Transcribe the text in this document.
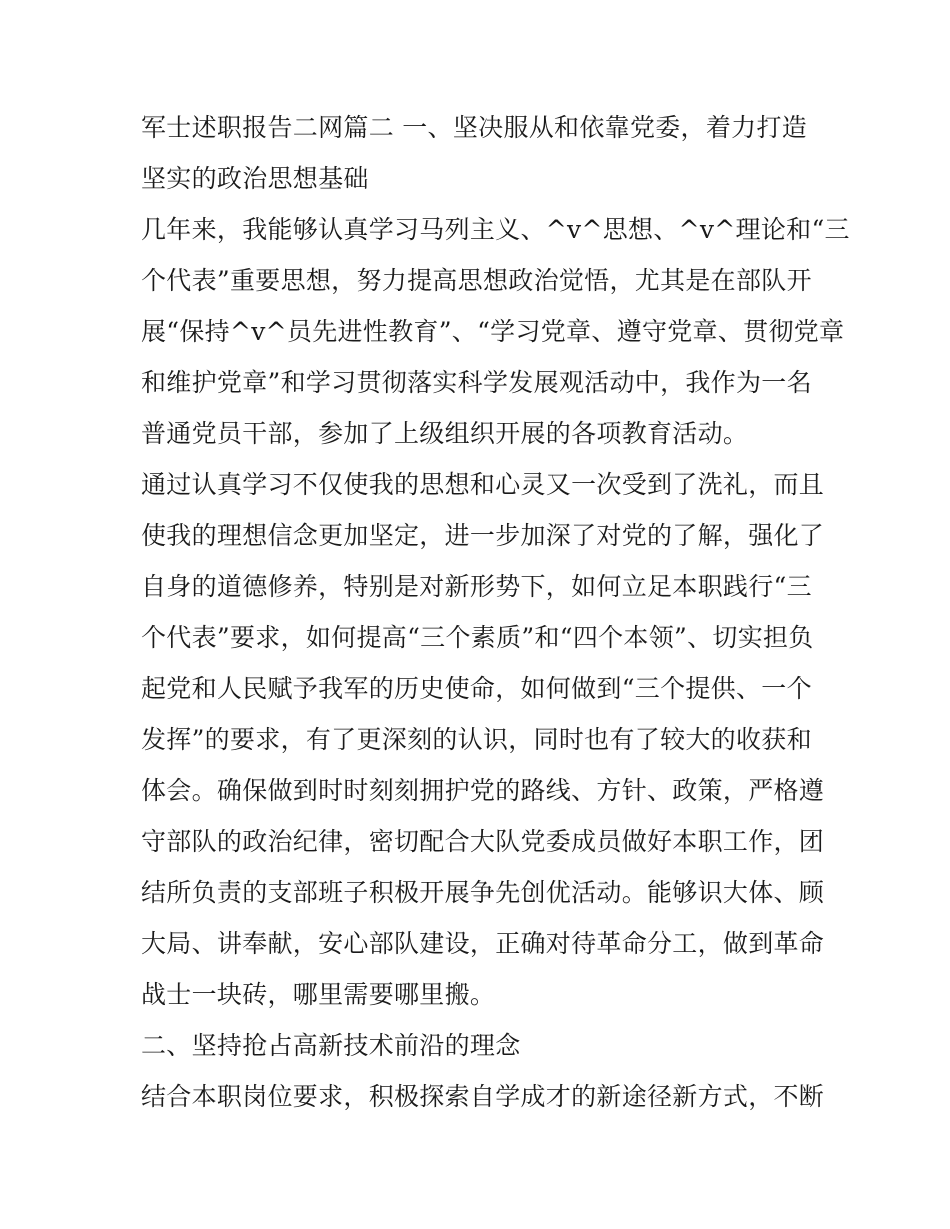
军士述职报告二网篇二 一、坚决服从和依靠党委，着力打造

坚实的政治思想基础

几年来，我能够认真学习马列主义、^v^思想、^v^理论和“三

个代表”重要思想，努力提高思想政治觉悟，尤其是在部队开

展“保持^v^员先进性教育”、“学习党章、遵守党章、贯彻党章

和维护党章”和学习贯彻落实科学发展观活动中，我作为一名

普通党员干部，参加了上级组织开展的各项教育活动。

通过认真学习不仅使我的思想和心灵又一次受到了洗礼，而且

使我的理想信念更加坚定，进一步加深了对党的了解，强化了

自身的道德修养，特别是对新形势下，如何立足本职践行“三

个代表”要求，如何提高“三个素质”和“四个本领”、切实担负

起党和人民赋予我军的历史使命，如何做到“三个提供、一个

发挥”的要求，有了更深刻的认识，同时也有了较大的收获和

体会。确保做到时时刻刻拥护党的路线、方针、政策，严格遵

守部队的政治纪律，密切配合大队党委成员做好本职工作，团

结所负责的支部班子积极开展争先创优活动。能够识大体、顾

大局、讲奉献，安心部队建设，正确对待革命分工，做到革命

战士一块砖，哪里需要哪里搬。

二、坚持抢占高新技术前沿的理念

结合本职岗位要求，积极探索自学成才的新途径新方式，不断
